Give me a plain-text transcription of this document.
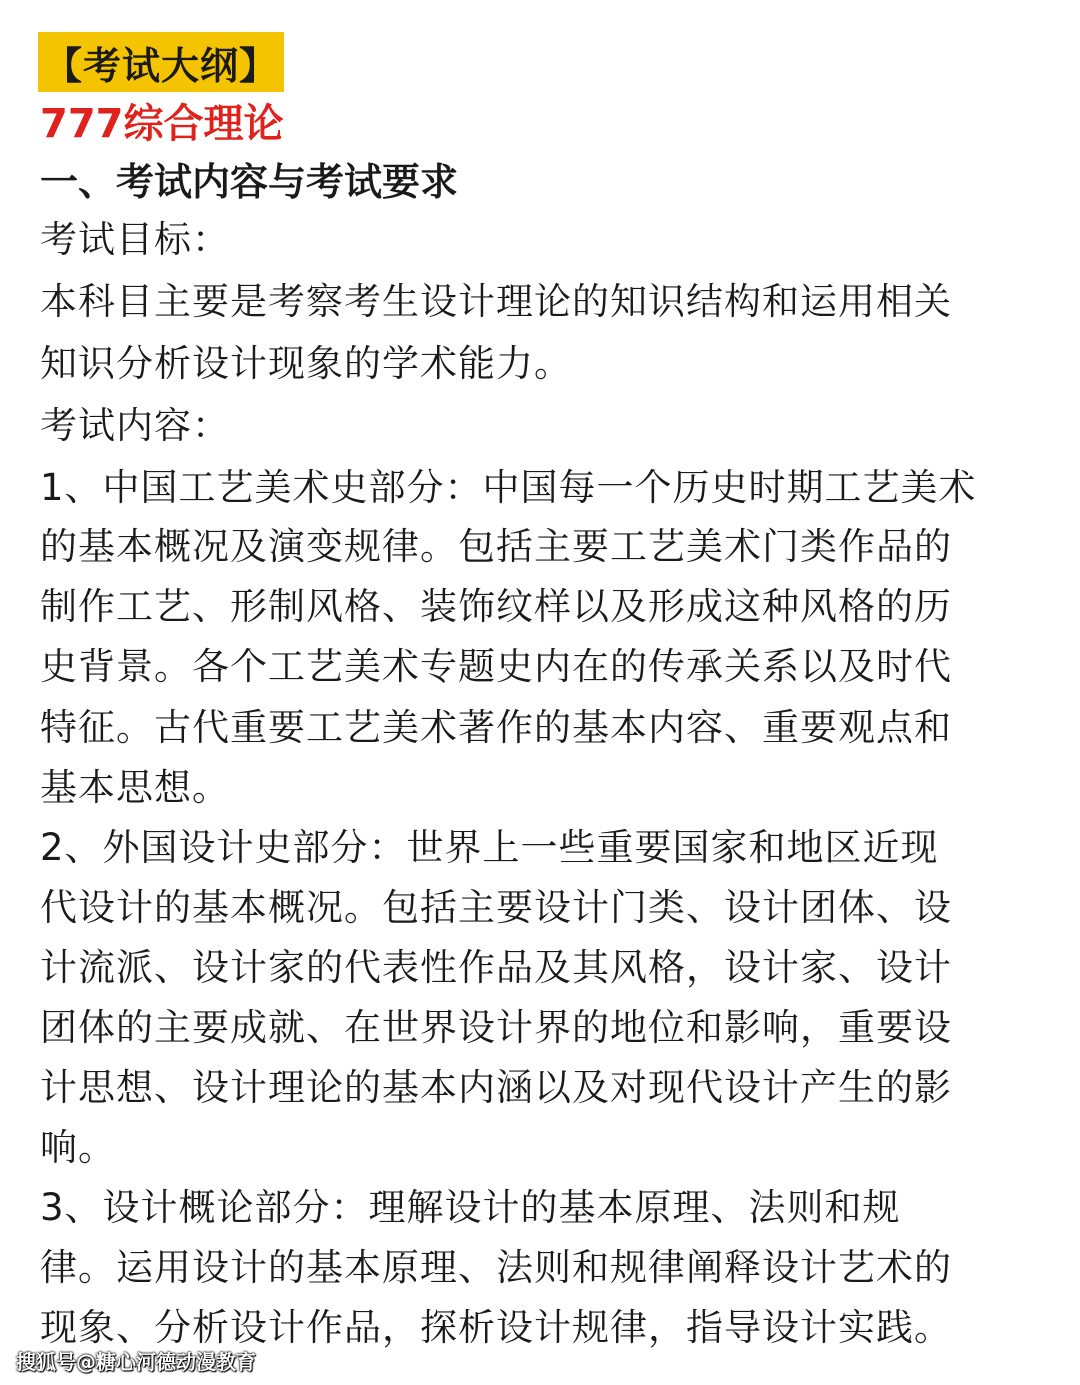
【考试大纲】
777综合理论
一、考试内容与考试要求
考试目标：
本科目主要是考察考生设计理论的知识结构和运用相关
知识分析设计现象的学术能力。
考试内容：
1、中国工艺美术史部分：中国每一个历史时期工艺美术
的基本概况及演变规律。包括主要工艺美术门类作品的
制作工艺、形制风格、装饰纹样以及形成这种风格的历
史背景。各个工艺美术专题史内在的传承关系以及时代
特征。古代重要工艺美术著作的基本内容、重要观点和
基本思想。
2、外国设计史部分：世界上一些重要国家和地区近现
代设计的基本概况。包括主要设计门类、设计团体、设
计流派、设计家的代表性作品及其风格，设计家、设计
团体的主要成就、在世界设计界的地位和影响，重要设
计思想、设计理论的基本内涵以及对现代设计产生的影
响。
3、设计概论部分：理解设计的基本原理、法则和规
律。运用设计的基本原理、法则和规律阐释设计艺术的
现象、分析设计作品，探析设计规律，指导设计实践。
搜狐号@糖心河德动漫教育
